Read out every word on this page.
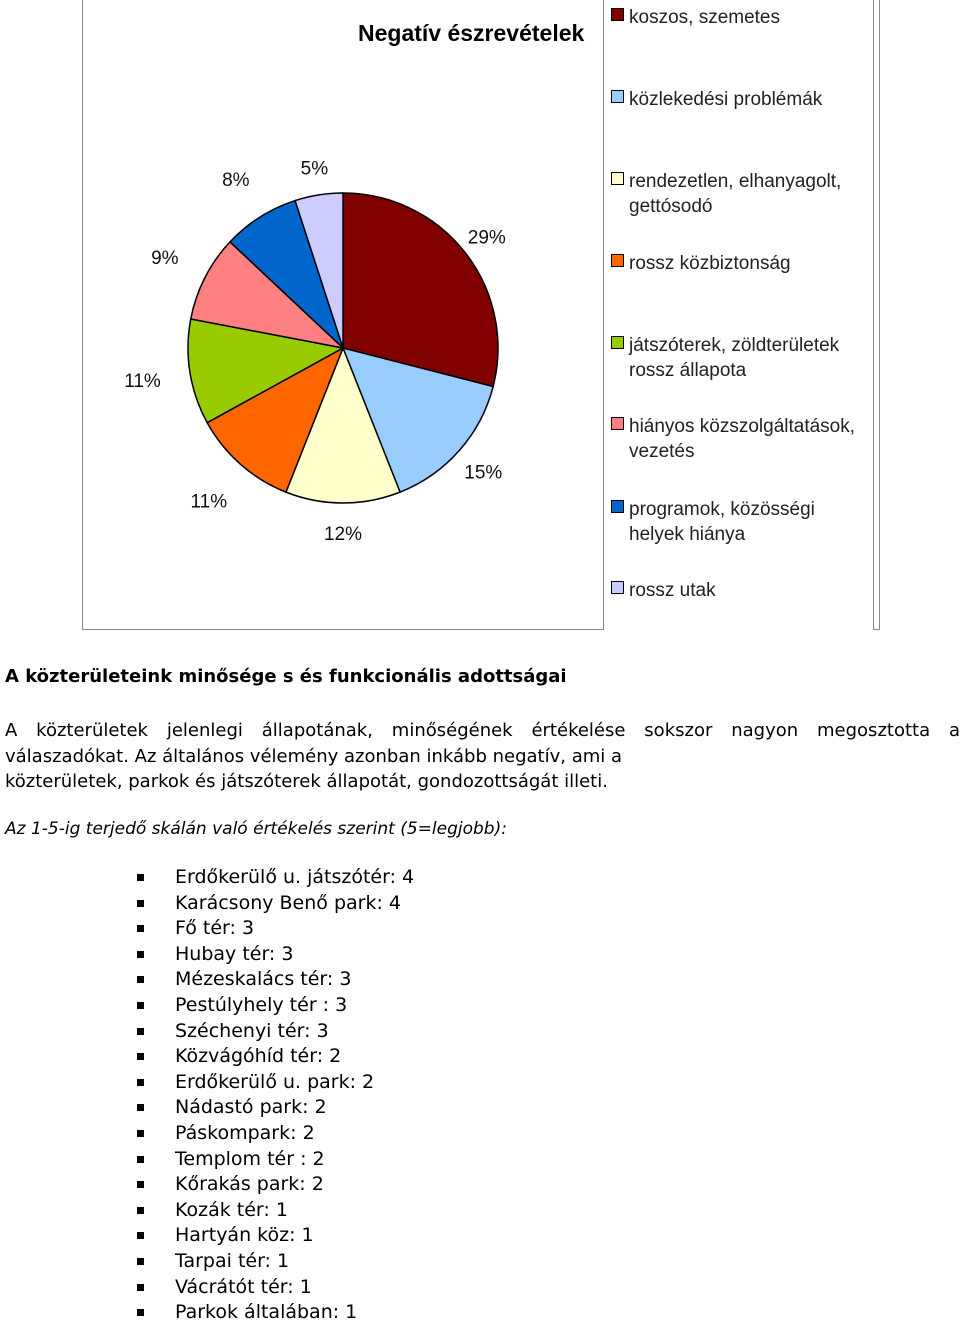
29%
15%
12%
11%
11%
9%
8%
5%
Negatív észrevételek
koszos, szemetes
közlekedési problémák
rendezetlen, elhanyagolt, gettósodó
rossz közbiztonság
játszóterek, zöldterületek rossz állapota
hiányos közszolgáltatások, vezetés
programok, közösségi helyek hiánya
rossz utak
A közterületeink minősége s és funkcionális adottságai

A közterületek jelenlegi állapotának, minőségének értékelése sokszor nagyon megosztotta a válaszadókat. Az általános vélemény azonban inkább negatív, ami a
közterületek, parkok és játszóterek állapotát, gondozottságát illeti.

Az 1-5-ig terjedő skálán való értékelés szerint (5=legjobb):
Erdőkerülő u. játszótér: 4
Karácsony Benő park: 4
Fő tér: 3
Hubay tér: 3
Mézeskalács tér: 3
Pestúlyhely tér : 3
Széchenyi tér: 3
Közvágóhíd tér: 2
Erdőkerülő u. park: 2
Nádastó park: 2
Páskompark: 2
Templom tér : 2
Kőrakás park: 2
Kozák tér: 1
Hartyán köz: 1
Tarpai tér: 1
Vácrátót tér: 1
Parkok általában: 1
